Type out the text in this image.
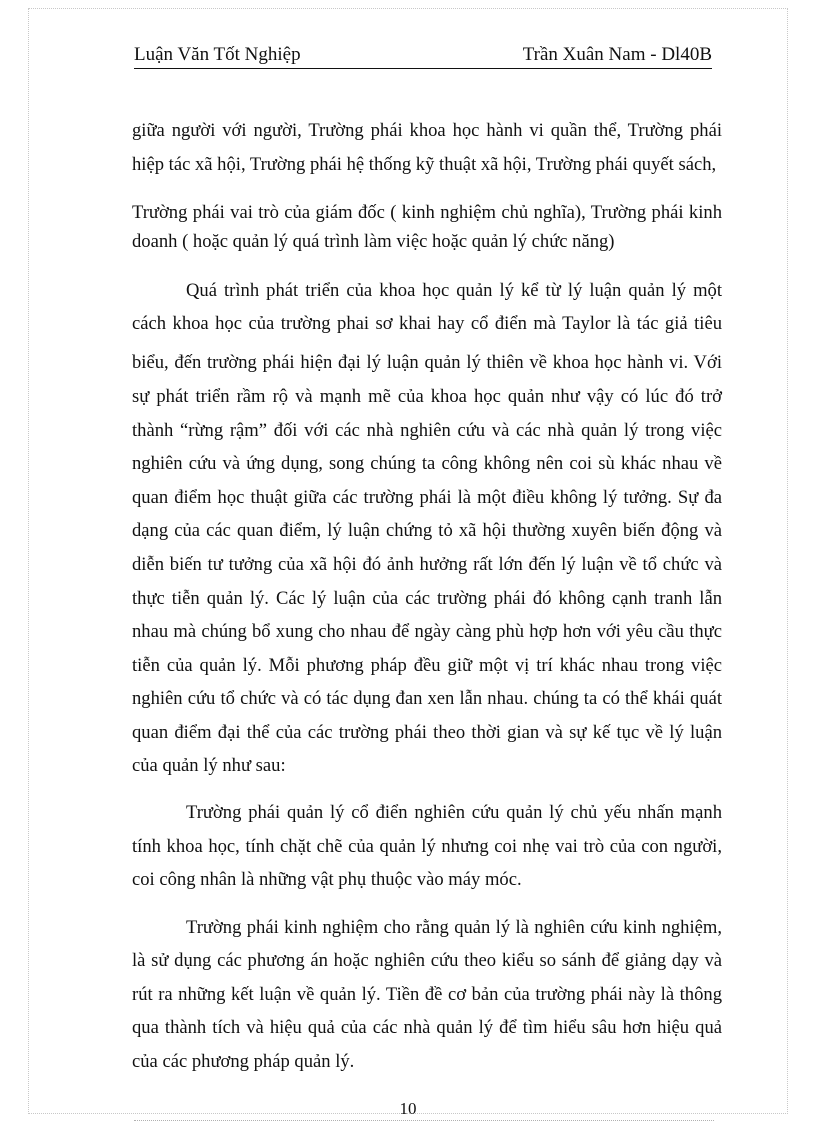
Luận Văn Tốt Nghiệp	Trần Xuân Nam - Dl40B
giữa người với người, Trường phái khoa học hành vi quần thể, Trường phái
hiệp tác xã hội, Trường phái hệ thống kỹ thuật xã hội, Trường phái quyết sách,
Trường phái vai trò của giám đốc ( kinh nghiệm chủ nghĩa), Trường phái kinh
doanh ( hoặc quản lý quá trình làm việc hoặc quản lý chức năng)
Quá trình phát triển của khoa học quản lý kể từ lý luận quản lý một
cách khoa học của trường phai sơ khai hay cổ điển mà Taylor là tác giả tiêu
biểu, đến trường phái hiện đại lý luận quản lý thiên về khoa học hành vi. Với
sự phát triển rầm rộ và mạnh mẽ của khoa học quản như vậy có lúc đó trở
thành “rừng rậm” đối với các nhà nghiên cứu và các nhà quản lý trong việc
nghiên cứu và ứng dụng, song chúng ta công không nên coi sù khác nhau về
quan điểm học thuật giữa các trường phái là một điều không lý tưởng. Sự đa
dạng của các quan điểm, lý luận chứng tỏ xã hội thường xuyên biến động và
diễn biến tư tưởng của xã hội đó ảnh hưởng rất lớn đến lý luận về tổ chức và
thực tiễn quản lý. Các lý luận của các trường phái đó không cạnh tranh lẫn
nhau mà chúng bổ xung cho nhau để ngày càng phù hợp hơn với yêu cầu thực
tiễn của quản lý. Mỗi phương pháp đều giữ một vị trí khác nhau trong việc
nghiên cứu tổ chức và có tác dụng đan xen lẫn nhau. chúng ta có thể khái quát
quan điểm đại thể của các trường phái theo thời gian và sự kế tục về lý luận
của quản lý như sau:
Trường phái quản lý cổ điển nghiên cứu quản lý chủ yếu nhấn mạnh
tính khoa học, tính chặt chẽ của quản lý nhưng coi nhẹ vai trò của con người,
coi công nhân là những vật phụ thuộc vào máy móc.
Trường phái kinh nghiệm cho rằng quản lý là nghiên cứu kinh nghiệm,
là sử dụng các phương án hoặc nghiên cứu theo kiểu so sánh để giảng dạy và
rút ra những kết luận về quản lý. Tiền đề cơ bản của trường phái này là thông
qua thành tích và hiệu quả của các nhà quản lý để tìm hiểu sâu hơn hiệu quả
của các phương pháp quản lý.
10
